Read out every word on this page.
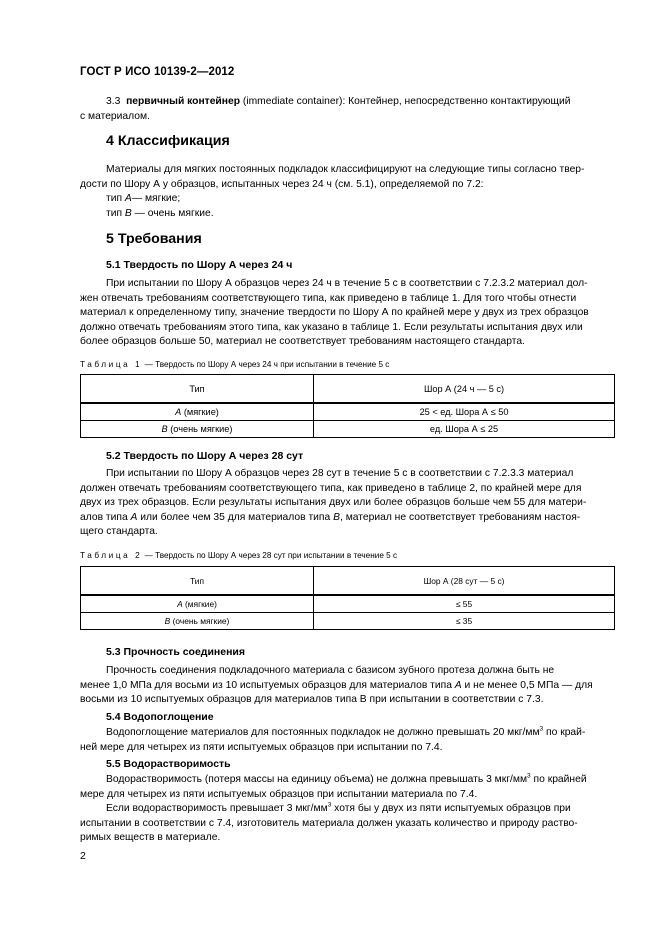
ГОСТ Р ИСО 10139-2—2012

3.3 первичный контейнер (immediate container): Контейнер, непосредственно контактирующий

с материалом.

4 Классификация

Материалы для мягких постоянных подкладок классифицируют на следующие типы согласно твер-

дости по Шору А у образцов, испытанных через 24 ч (см. 5.1), определяемой по 7.2:

тип А— мягкие;

тип В — очень мягкие.

5 Требования
5.1 Твердость по Шору А через 24 ч

При испытании по Шору А образцов через 24 ч в течение 5 с в соответствии с 7.2.3.2 материал дол-

жен отвечать требованиям соответствующего типа, как приведено в таблице 1. Для того чтобы отнести

материал к определенному типу, значение твердости по Шору А по крайней мере у двух из трех образцов

должно отвечать требованиям этого типа, как указано в таблице 1. Если результаты испытания двух или

более образцов больше 50, материал не соответствует требованиям настоящего стандарта.

Таблица 1 — Твердость по Шору А через 24 ч при испытании в течение 5 с
Тип	Шор А (24 ч — 5 с)
А (мягкие)	25 < ед. Шора А ≤ 50
В (очень мягкие)	ед. Шора А ≤ 25
5.2 Твердость по Шору А через 28 сут

При испытании по Шору А образцов через 28 сут в течение 5 с в соответствии с 7.2.3.3 материал

должен отвечать требованиям соответствующего типа, как приведено в таблице 2, по крайней мере для

двух из трех образцов. Если результаты испытания двух или более образцов больше чем 55 для матери-

алов типа А или более чем 35 для материалов типа В, материал не соответствует требованиям настоя-

щего стандарта.

Таблица 2 — Твердость по Шору А через 28 сут при испытании в течение 5 с
Тип	Шор А (28 сут — 5 с)
А (мягкие)	≤ 55
В (очень мягкие)	≤ 35
5.3 Прочность соединения

Прочность соединения подкладочного материала с базисом зубного протеза должна быть не

менее 1,0 МПа для восьми из 10 испытуемых образцов для материалов типа А и не менее 0,5 МПа — для

восьми из 10 испытуемых образцов для материалов типа В при испытании в соответствии с 7.3.

5.4 Водопоглощение

Водопоглощение материалов для постоянных подкладок не должно превышать 20 мкг/$мм^3$ по край-

ней мере для четырех из пяти испытуемых образцов при испытании по 7.4.

5.5 Водорастворимость

Водорастворимость (потеря массы на единицу объема) не должна превышать 3 мкг/$мм^3$ по крайней

мере для четырех из пяти испытуемых образцов при испытании материала по 7.4.

Если водорастворимость превышает 3 мкг/$мм^3$ хотя бы у двух из пяти испытуемых образцов при

испытании в соответствии с 7.4, изготовитель материала должен указать количество и природу раство-

римых веществ в материале.

2
